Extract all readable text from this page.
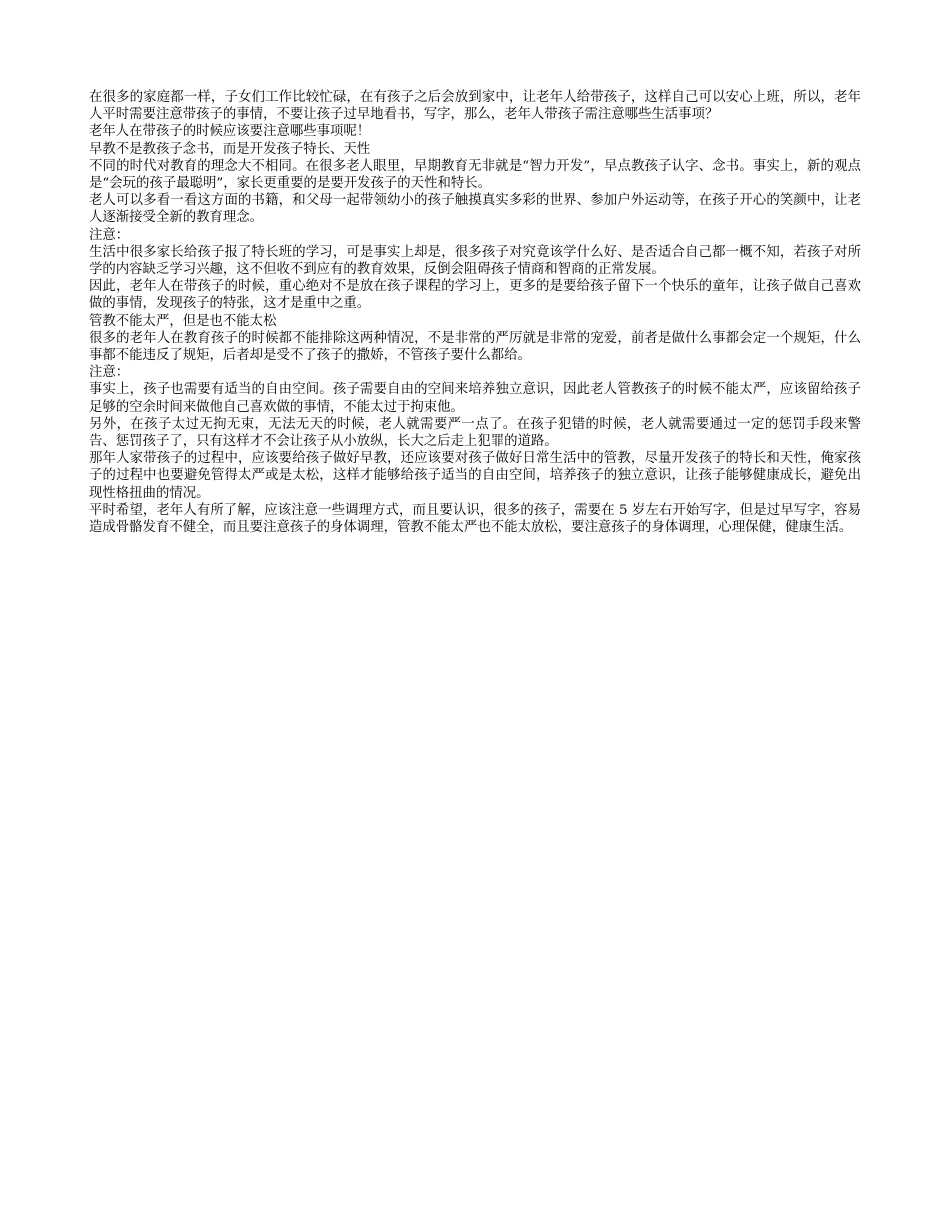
在很多的家庭都一样，子女们工作比较忙碌，在有孩子之后会放到家中，让老年人给带孩子，这样自己可以安心上班，所以，老年人平时需要注意带孩子的事情，不要让孩子过早地看书，写字，那么，老年人带孩子需注意哪些生活事项？

老年人在带孩子的时候应该要注意哪些事项呢！

早教不是教孩子念书，而是开发孩子特长、天性

不同的时代对教育的理念大不相同。在很多老人眼里，早期教育无非就是“智力开发”，早点教孩子认字、念书。事实上，新的观点是“会玩的孩子最聪明”，家长更重要的是要开发孩子的天性和特长。

老人可以多看一看这方面的书籍，和父母一起带领幼小的孩子触摸真实多彩的世界、参加户外运动等，在孩子开心的笑颜中，让老人逐渐接受全新的教育理念。

注意：

生活中很多家长给孩子报了特长班的学习，可是事实上却是，很多孩子对究竟该学什么好、是否适合自己都一概不知，若孩子对所学的内容缺乏学习兴趣，这不但收不到应有的教育效果，反倒会阻碍孩子情商和智商的正常发展。

因此，老年人在带孩子的时候，重心绝对不是放在孩子课程的学习上，更多的是要给孩子留下一个快乐的童年，让孩子做自己喜欢做的事情，发现孩子的特张，这才是重中之重。

管教不能太严，但是也不能太松

很多的老年人在教育孩子的时候都不能排除这两种情况，不是非常的严厉就是非常的宠爱，前者是做什么事都会定一个规矩，什么事都不能违反了规矩，后者却是受不了孩子的撒娇，不管孩子要什么都给。

注意：

事实上，孩子也需要有适当的自由空间。孩子需要自由的空间来培养独立意识，因此老人管教孩子的时候不能太严，应该留给孩子足够的空余时间来做他自己喜欢做的事情，不能太过于拘束他。

另外，在孩子太过无拘无束，无法无天的时候，老人就需要严一点了。在孩子犯错的时候，老人就需要通过一定的惩罚手段来警告、惩罚孩子了，只有这样才不会让孩子从小放纵，长大之后走上犯罪的道路。

那年人家带孩子的过程中，应该要给孩子做好早教，还应该要对孩子做好日常生活中的管教，尽量开发孩子的特长和天性，俺家孩子的过程中也要避免管得太严或是太松，这样才能够给孩子适当的自由空间，培养孩子的独立意识，让孩子能够健康成长，避免出现性格扭曲的情况。

平时希望，老年人有所了解，应该注意一些调理方式，而且要认识，很多的孩子，需要在 5 岁左右开始写字，但是过早写字，容易造成骨骼发育不健全，而且要注意孩子的身体调理，管教不能太严也不能太放松，要注意孩子的身体调理，心理保健，健康生活。
